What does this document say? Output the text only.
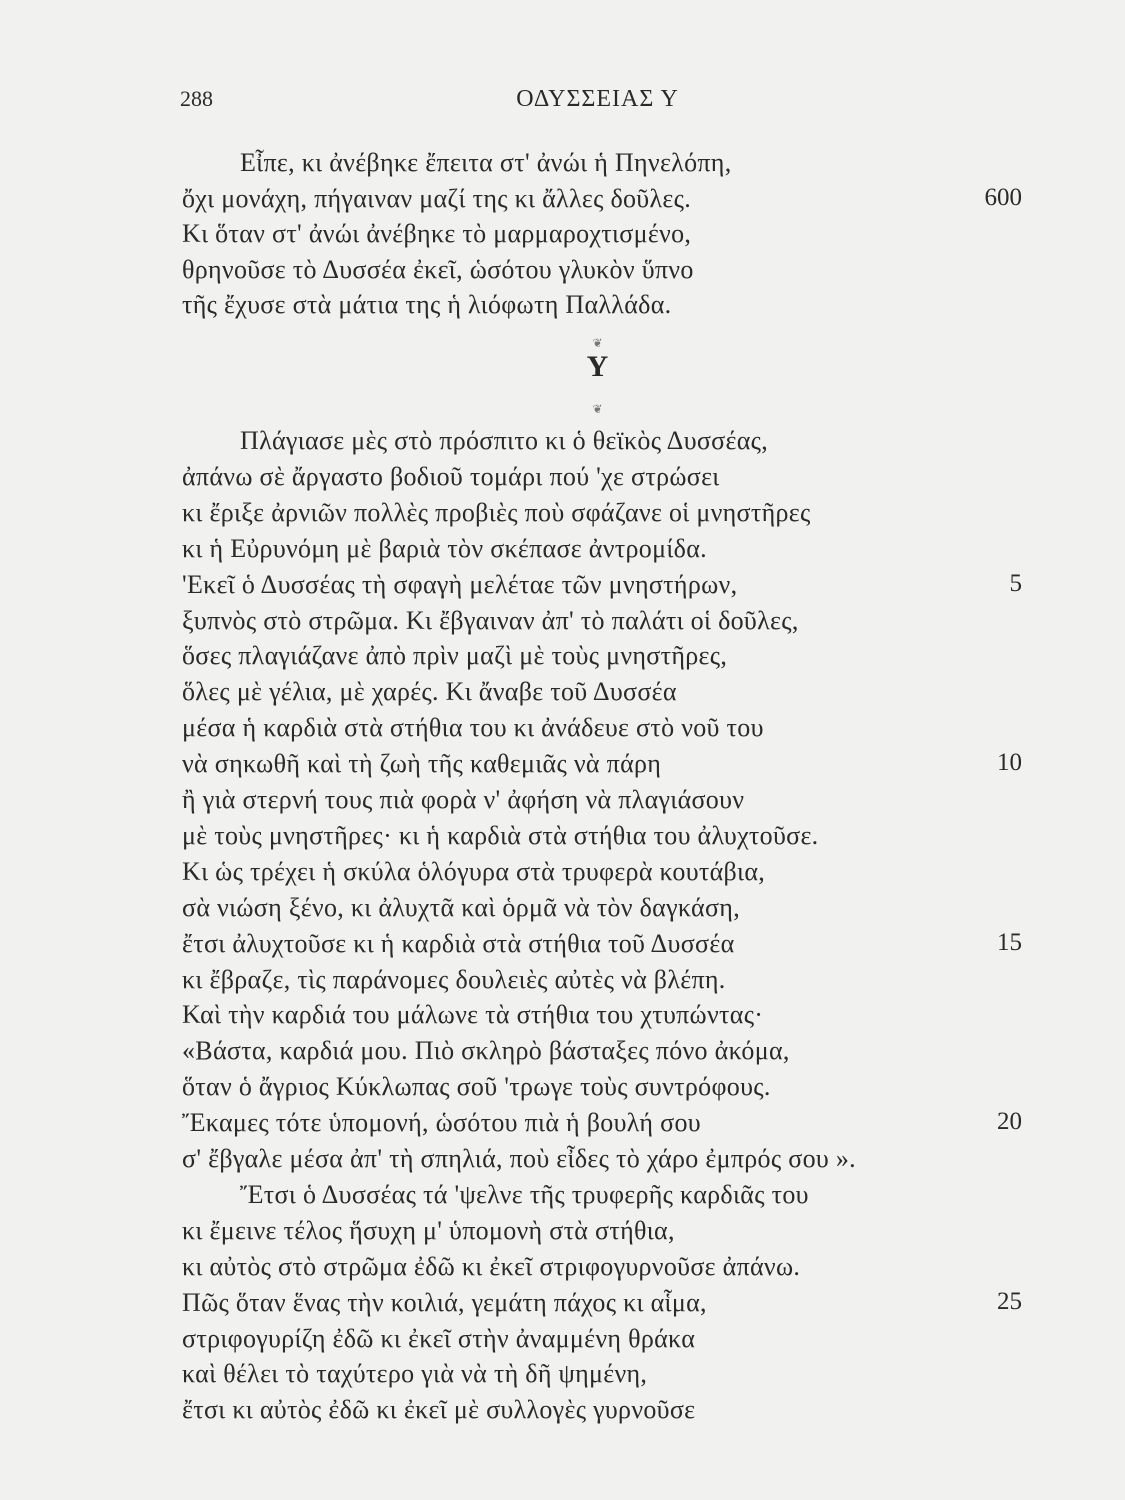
288	ΟΔΥΣΣΕΙΑΣ Υ
Εἶπε, κι ἀνέβηκε ἔπειτα στ' ἀνώι ἡ Πηνελόπη,
ὄχι μονάχη, πήγαιναν μαζί της κι ἄλλες δοῦλες.	600
Κι ὅταν στ' ἀνώι ἀνέβηκε τὸ μαρμαροχτισμένο,
θρηνοῦσε τὸ Δυσσέα ἐκεῖ, ὡσότου γλυκὸν ὕπνο
τῆς ἔχυσε στὰ μάτια της ἡ λιόφωτη Παλλάδα.
❦
Υ
❦
Πλάγιασε μὲς στὸ πρόσπιτο κι ὁ θεϊκὸς Δυσσέας,
ἀπάνω σὲ ἄργαστο βοδιοῦ τομάρι πού 'χε στρώσει
κι ἔριξε ἀρνιῶν πολλὲς προβιὲς ποὺ σφάζανε οἱ μνηστῆρες
κι ἡ Εὐρυνόμη μὲ βαριὰ τὸν σκέπασε ἀντρομίδα.
'Εκεῖ ὁ Δυσσέας τὴ σφαγὴ μελέταε τῶν μνηστήρων,	5
ξυπνὸς στὸ στρῶμα. Κι ἔβγαιναν ἀπ' τὸ παλάτι οἱ δοῦλες,
ὅσες πλαγιάζανε ἀπὸ πρὶν μαζὶ μὲ τοὺς μνηστῆρες,
ὅλες μὲ γέλια, μὲ χαρές. Κι ἄναβε τοῦ Δυσσέα
μέσα ἡ καρδιὰ στὰ στήθια του κι ἀνάδευε στὸ νοῦ του
νὰ σηκωθῆ καὶ τὴ ζωὴ τῆς καθεμιᾶς νὰ πάρη	10
ἢ γιὰ στερνή τους πιὰ φορὰ ν' ἀφήση νὰ πλαγιάσουν
μὲ τοὺς μνηστῆρες· κι ἡ καρδιὰ στὰ στήθια του ἀλυχτοῦσε.
Κι ὡς τρέχει ἡ σκύλα ὁλόγυρα στὰ τρυφερὰ κουτάβια,
σὰ νιώση ξένο, κι ἀλυχτᾶ καὶ ὁρμᾶ νὰ τὸν δαγκάση,
ἔτσι ἀλυχτοῦσε κι ἡ καρδιὰ στὰ στήθια τοῦ Δυσσέα	15
κι ἔβραζε, τὶς παράνομες δουλειὲς αὐτὲς νὰ βλέπη.
Καὶ τὴν καρδιά του μάλωνε τὰ στήθια του χτυπώντας·
«Βάστα, καρδιά μου. Πιὸ σκληρὸ βάσταξες πόνο ἀκόμα,
ὅταν ὁ ἄγριος Κύκλωπας σοῦ 'τρωγε τοὺς συντρόφους.
Ἔκαμες τότε ὑπομονή, ὡσότου πιὰ ἡ βουλή σου	20
σ' ἔβγαλε μέσα ἀπ' τὴ σπηλιά, ποὺ εἶδες τὸ χάρο ἐμπρός σου ».
Ἔτσι ὁ Δυσσέας τά 'ψελνε τῆς τρυφερῆς καρδιᾶς του
κι ἔμεινε τέλος ἥσυχη μ' ὑπομονὴ στὰ στήθια,
κι αὐτὸς στὸ στρῶμα ἐδῶ κι ἐκεῖ στριφογυρνοῦσε ἀπάνω.
Πῶς ὅταν ἕνας τὴν κοιλιά, γεμάτη πάχος κι αἷμα,	25
στριφογυρίζη ἐδῶ κι ἐκεῖ στὴν ἀναμμένη θράκα
καὶ θέλει τὸ ταχύτερο γιὰ νὰ τὴ δῆ ψημένη,
ἔτσι κι αὐτὸς ἐδῶ κι ἐκεῖ μὲ συλλογὲς γυρνοῦσε
